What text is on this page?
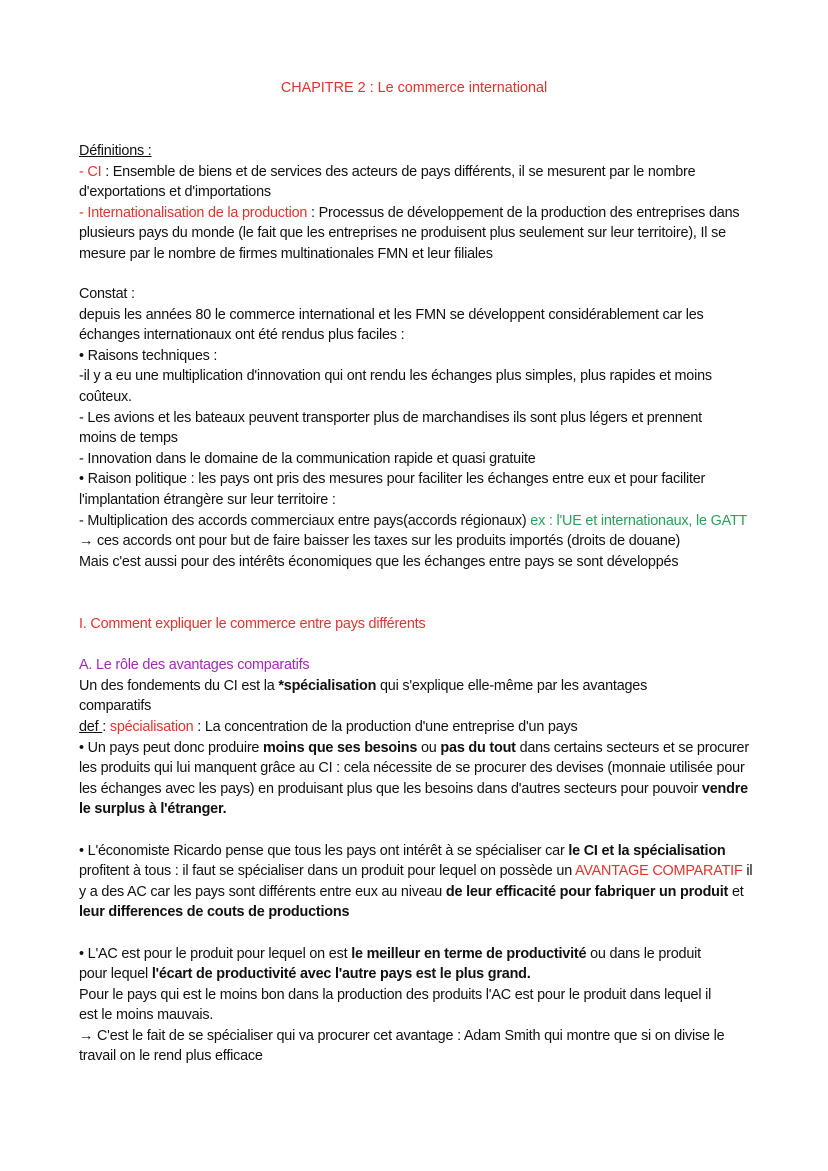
CHAPITRE 2 : Le commerce international

Définitions :

- CI : Ensemble de biens et de services des acteurs de pays différents, il se mesurent par le nombre d'exportations et d'importations

- Internationalisation de la production : Processus de développement de la production des entreprises dans plusieurs pays du monde (le fait que les entreprises ne produisent plus seulement sur leur territoire), Il se mesure par le nombre de firmes multinationales FMN et leur filiales

Constat :

depuis les années 80 le commerce international et les FMN se développent considérablement car les échanges internationaux ont été rendus plus faciles :

• Raisons techniques :

-il y a eu une multiplication d'innovation qui ont rendu les échanges plus simples, plus rapides et moins coûteux.

- Les avions et les bateaux peuvent transporter plus de marchandises ils sont plus légers et prennent moins de temps

- Innovation dans le domaine de la communication rapide et quasi gratuite

• Raison politique : les pays ont pris des mesures pour faciliter les échanges entre eux et pour faciliter l'implantation étrangère sur leur territoire :

- Multiplication des accords commerciaux entre pays(accords régionaux) ex : l'UE et internationaux, le GATT → ces accords ont pour but de faire baisser les taxes sur les produits importés (droits de douane)

Mais c'est aussi pour des intérêts économiques que les échanges entre pays se sont développés

I. Comment expliquer le commerce entre pays différents

A. Le rôle des avantages comparatifs

Un des fondements du CI est la *spécialisation qui s'explique elle-même par les avantages comparatifs

def : spécialisation : La concentration de la production d'une entreprise d'un pays

• Un pays peut donc produire moins que ses besoins ou pas du tout dans certains secteurs et se procurer les produits qui lui manquent grâce au CI : cela nécessite de se procurer des devises (monnaie utilisée pour les échanges avec les pays) en produisant plus que les besoins dans d'autres secteurs pour pouvoir vendre le surplus à l'étranger.

• L'économiste Ricardo pense que tous les pays ont intérêt à se spécialiser car le CI et la spécialisation profitent à tous : il faut se spécialiser dans un produit pour lequel on possède un AVANTAGE COMPARATIF il y a des AC car les pays sont différents entre eux au niveau de leur efficacité pour fabriquer un produit et leur differences de couts de productions

• L'AC est pour le produit pour lequel on est le meilleur en terme de productivité ou dans le produit pour lequel l'écart de productivité avec l'autre pays est le plus grand.

Pour le pays qui est le moins bon dans la production des produits l'AC est pour le produit dans lequel il est le moins mauvais.

→ C'est le fait de se spécialiser qui va procurer cet avantage : Adam Smith qui montre que si on divise le travail on le rend plus efficace
